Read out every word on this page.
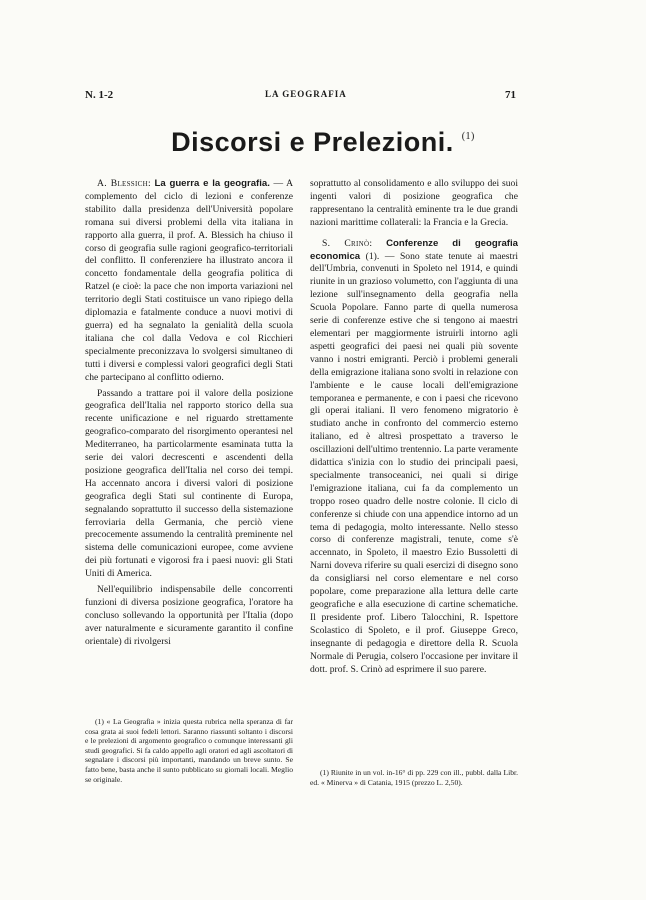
N. 1-2	LA GEOGRAFIA	71
Discorsi e Prelezioni. $^{(1)}$

A. Blessich: La guerra e la geografia. — A complemento del ciclo di lezioni e conferenze stabilito dalla presidenza dell'Università popolare romana sui diversi problemi della vita italiana in rapporto alla guerra, il prof. A. Blessich ha chiuso il corso di geografia sulle ragioni geografico-territoriali del conflitto. Il conferenziere ha illustrato ancora il concetto fondamentale della geografia politica di Ratzel (e cioè: la pace che non importa variazioni nel territorio degli Stati costituisce un vano ripiego della diplomazia e fatalmente conduce a nuovi motivi di guerra) ed ha segnalato la genialità della scuola italiana che col dalla Vedova e col Ricchieri specialmente preconizzava lo svolgersi simultaneo di tutti i diversi e complessi valori geografici degli Stati che partecipano al conflitto odierno.

Passando a trattare poi il valore della posizione geografica dell'Italia nel rapporto storico della sua recente unificazione e nel riguardo strettamente geografico-comparato del risorgimento operantesi nel Mediterraneo, ha particolarmente esaminata tutta la serie dei valori decrescenti e ascendenti della posizione geografica dell'Italia nel corso dei tempi. Ha accennato ancora i diversi valori di posizione geografica degli Stati sul continente di Europa, segnalando soprattutto il successo della sistemazione ferroviaria della Germania, che perciò viene precocemente assumendo la centralità preminente nel sistema delle comunicazioni europee, come avviene dei più fortunati e vigorosi fra i paesi nuovi: gli Stati Uniti di America.

Nell'equilibrio indispensabile delle concorrenti funzioni di diversa posizione geografica, l'oratore ha concluso sollevando la opportunità per l'Italia (dopo aver naturalmente e sicuramente garantito il confine orientale) di rivolgersi

soprattutto al consolidamento e allo sviluppo dei suoi ingenti valori di posizione geografica che rappresentano la centralità eminente tra le due grandi nazioni marittime collaterali: la Francia e la Grecia.

S. Crinò: Conferenze di geografia economica (1). — Sono state tenute ai maestri dell'Umbria, convenuti in Spoleto nel 1914, e quindi riunite in un grazioso volumetto, con l'aggiunta di una lezione sull'insegnamento della geografia nella Scuola Popolare. Fanno parte di quella numerosa serie di conferenze estive che si tengono ai maestri elementari per maggiormente istruirli intorno agli aspetti geografici dei paesi nei quali più sovente vanno i nostri emigranti. Perciò i problemi generali della emigrazione italiana sono svolti in relazione con l'ambiente e le cause locali dell'emigrazione temporanea e permanente, e con i paesi che ricevono gli operai italiani. Il vero fenomeno migratorio è studiato anche in confronto del commercio esterno italiano, ed è altresì prospettato a traverso le oscillazioni dell'ultimo trentennio. La parte veramente didattica s'inizia con lo studio dei principali paesi, specialmente transoceanici, nei quali si dirige l'emigrazione italiana, cui fa da complemento un troppo roseo quadro delle nostre colonie. Il ciclo di conferenze si chiude con una appendice intorno ad un tema di pedagogia, molto interessante. Nello stesso corso di conferenze magistrali, tenute, come s'è accennato, in Spoleto, il maestro Ezio Bussoletti di Narni doveva riferire su quali esercizi di disegno sono da consigliarsi nel corso elementare e nel corso popolare, come preparazione alla lettura delle carte geografiche e alla esecuzione di cartine schematiche. Il presidente prof. Libero Talocchini, R. Ispettore Scolastico di Spoleto, e il prof. Giuseppe Greco, insegnante di pedagogia e direttore della R. Scuola Normale di Perugia, colsero l'occasione per invitare il dott. prof. S. Crinò ad esprimere il suo parere.

(1) « La Geografia » inizia questa rubrica nella speranza di far cosa grata ai suoi fedeli lettori. Saranno riassunti soltanto i discorsi e le prelezioni di argomento geografico o comunque interessanti gli studi geografici. Si fa caldo appello agli oratori ed agli ascoltatori di segnalare i discorsi più importanti, mandando un breve sunto. Se fatto bene, basta anche il sunto pubblicato su giornali locali. Meglio se originale.

(1) Riunite in un vol. in-16° di pp. 229 con ill., pubbl. dalla Libr. ed. « Minerva » di Catania, 1915 (prezzo L. 2,50).
